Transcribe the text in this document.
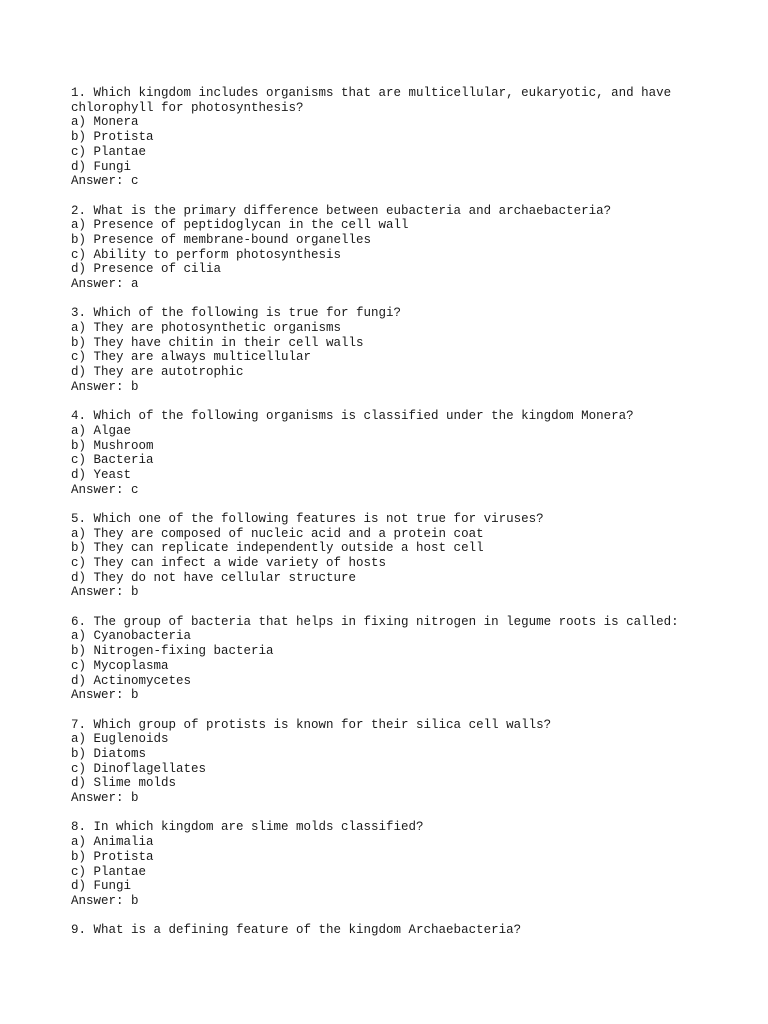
1. Which kingdom includes organisms that are multicellular, eukaryotic, and have chlorophyll for photosynthesis?
a) Monera
b) Protista
c) Plantae
d) Fungi
Answer: c
2. What is the primary difference between eubacteria and archaebacteria?
a) Presence of peptidoglycan in the cell wall
b) Presence of membrane-bound organelles
c) Ability to perform photosynthesis
d) Presence of cilia
Answer: a
3. Which of the following is true for fungi?
a) They are photosynthetic organisms
b) They have chitin in their cell walls
c) They are always multicellular
d) They are autotrophic
Answer: b
4. Which of the following organisms is classified under the kingdom Monera?
a) Algae
b) Mushroom
c) Bacteria
d) Yeast
Answer: c
5. Which one of the following features is not true for viruses?
a) They are composed of nucleic acid and a protein coat
b) They can replicate independently outside a host cell
c) They can infect a wide variety of hosts
d) They do not have cellular structure
Answer: b
6. The group of bacteria that helps in fixing nitrogen in legume roots is called:
a) Cyanobacteria
b) Nitrogen-fixing bacteria
c) Mycoplasma
d) Actinomycetes
Answer: b
7. Which group of protists is known for their silica cell walls?
a) Euglenoids
b) Diatoms
c) Dinoflagellates
d) Slime molds
Answer: b
8. In which kingdom are slime molds classified?
a) Animalia
b) Protista
c) Plantae
d) Fungi
Answer: b
9. What is a defining feature of the kingdom Archaebacteria?
